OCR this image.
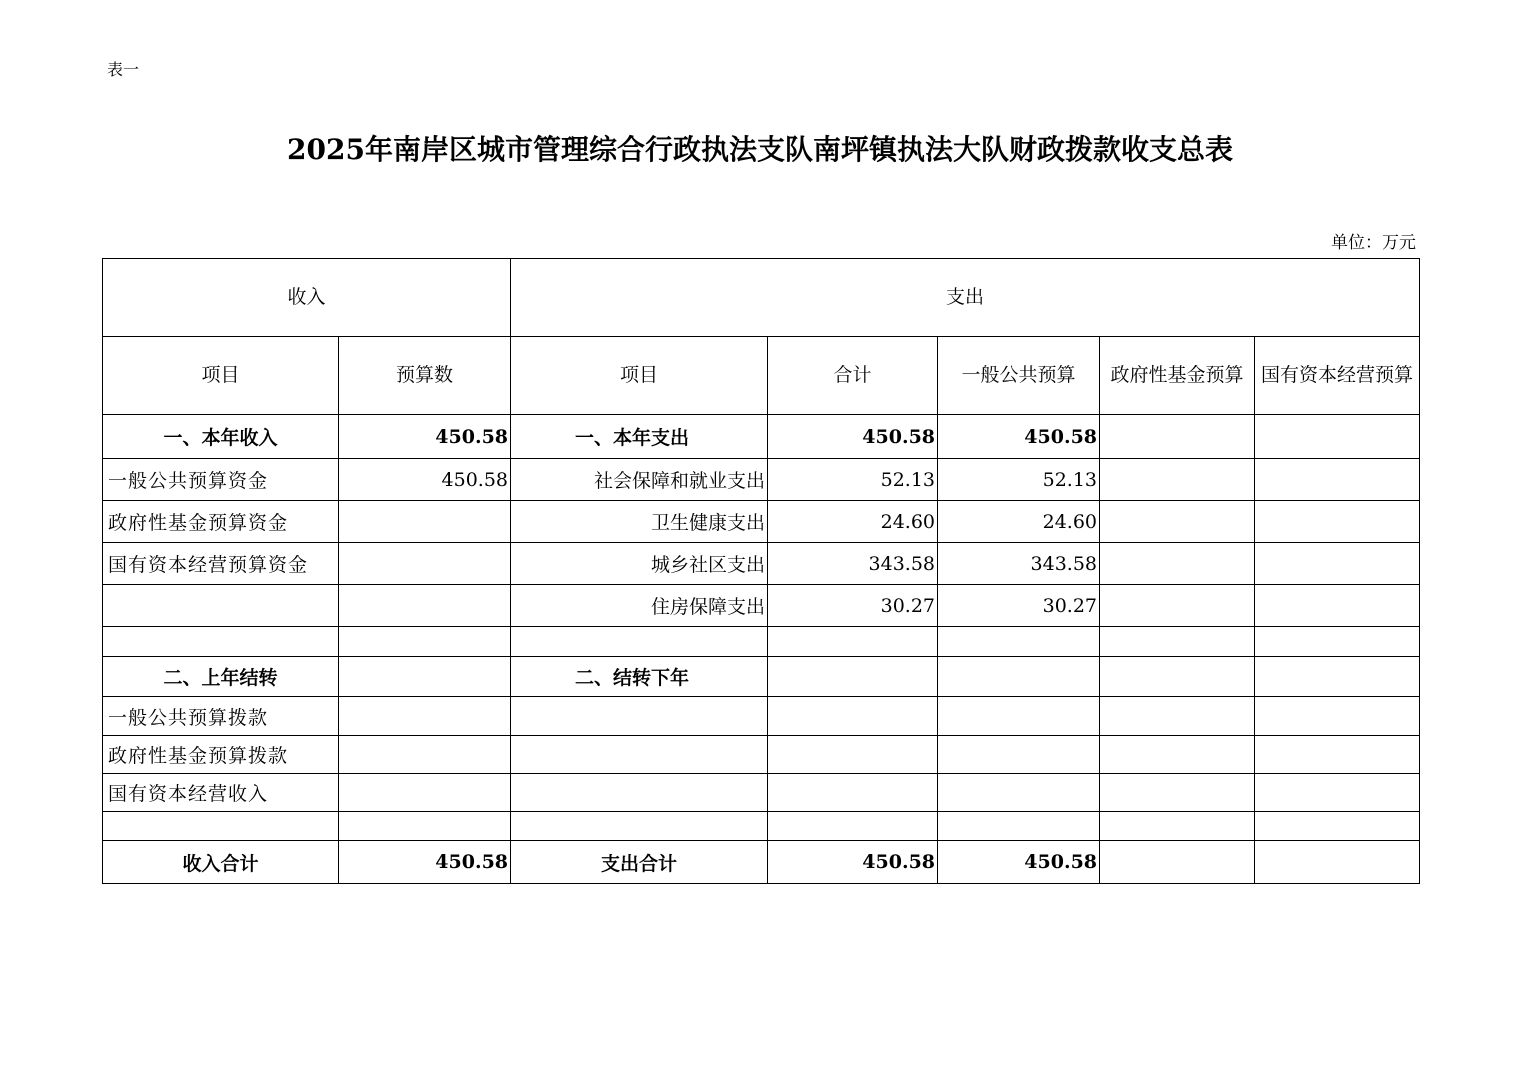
表一
2025年南岸区城市管理综合行政执法支队南坪镇执法大队财政拨款收支总表
单位：万元
收入		支出				
项目	预算数	项目	合计	一般公共预算	政府性基金预算	国有资本经营预算
一、本年收入	450.58	一、本年支出	450.58	450.58		
一般公共预算资金	450.58	社会保障和就业支出	52.13	52.13		
政府性基金预算资金		卫生健康支出	24.60	24.60		
国有资本经营预算资金		城乡社区支出	343.58	343.58		
		住房保障支出	30.27	30.27		

二、上年结转		二、结转下年				
一般公共预算拨款						
政府性基金预算拨款						
国有资本经营收入						

收入合计	450.58	支出合计	450.58	450.58		
